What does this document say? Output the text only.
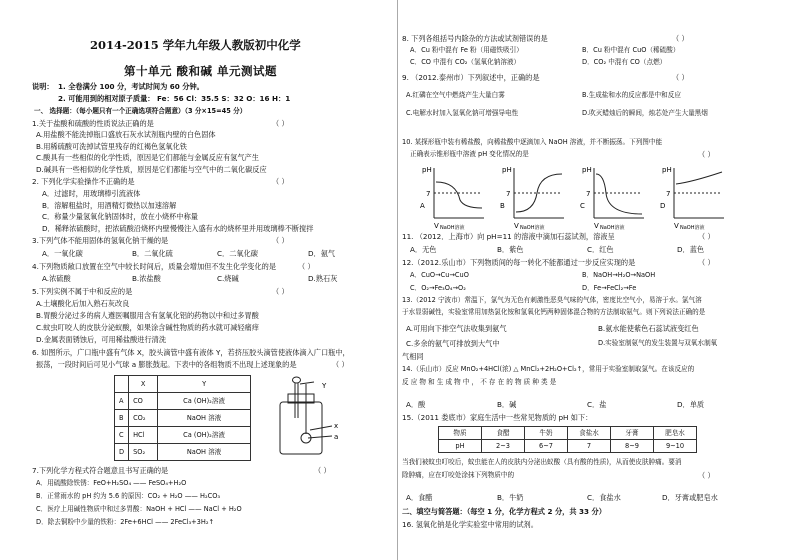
2014-2015 学年九年级人教版初中化学
第十单元 酸和碱 单元测试题
说明： 1. 全卷满分 100 分，考试时间为 60 分钟。
2. 可能用到的相对原子质量： Fe：56 Cl：35.5 S：32 O：16 H：1
一、 选择题：（每小题只有一个正确选项符合题意）（3 分×15=45 分）
1.关于盐酸和硫酸的性质说法正确的是	（ ）
A.用盐酸不能洗掉瓶口盛放石灰水试剂瓶内壁的白色固体
B.用稀硫酸可洗掉试管里残存的红褐色氢氧化铁
C.酸具有一些相似的化学性质，原因是它们都能与金属反应有氢气产生
D.碱具有一些相似的化学性质，原因是它们都能与空气中的二氧化碳反应
2. 下列化学实验操作不正确的是	（ ）
A．过滤时，用玻璃棒引流液体
B．溶解粗盐时，用酒精灯微热以加速溶解
C．称量少量氢氧化钠固体时，放在小烧杯中称量
D．稀释浓硫酸时，把浓硫酸沿烧杯内壁慢慢注入盛有水的烧杯里并用玻璃棒不断搅拌
3.下列气体不能用固体的氢氧化钠干燥的是	（ ）
A．一氧化碳	B．二氧化硫	C．二氧化碳	D．氨气
4.下列物质敞口放置在空气中较长时间后，质量会增加但不发生化学变化的是	（ ）
A.浓硫酸	B.浓盐酸	C.烧碱	D.熟石灰
5.下列实例不属于中和反应的是	（ ）
A.土壤酸化后加入熟石灰改良
B.胃酸分泌过多的病人遵医嘱服用含有氢氧化铝的药物以中和过多胃酸
C.蚊虫叮咬人的皮肤分泌蚁酸，如果涂含碱性物质的药水就可减轻痛痒
D.金属表面锈蚀后，可用稀盐酸进行清洗
6. 如图所示，广口瓶中盛有气体 X，胶头滴管中盛有液体 Y，若挤压胶头滴管使液体滴入广口瓶中，
振荡，一段时间后可见小气球 a 膨胀鼓起。下表中的各组物质不出现上述现象的是	（ ）
	X	Y
A	CO	Ca (OH)₂溶液
B	CO₂	NaOH 溶液
C	HCl	Ca (OH)₂溶液
D	SO₂	NaOH 溶液
Y
x
a
7.下列化学方程式符合题意且书写正确的是	（ ）
A．用硫酸除铁锈：FeO+H₂SO₄ —— FeSO₄+H₂O
B．正常雨水的 pH 约为 5.6 的原因：CO₂ + H₂O —— H₂CO₃
C．医疗上用碱性物质中和过多胃酸：NaOH + HCl —— NaCl + H₂O
D．除去铜粉中少量的铁粉：2Fe+6HCl —— 2FeCl₃+3H₂↑
8. 下列各组括号内除杂的方法或试剂错误的是	（ ）
A．Cu 粉中混有 Fe 粉（用磁铁吸引）	B．Cu 粉中混有 CuO（稀硫酸）
C．CO 中混有 CO₂（氢氧化钠溶液）	D．CO₂ 中混有 CO（点燃）
9. （2012.泰州市）下列叙述中，正确的是	（ ）
A.红磷在空气中燃烧产生大量白雾	B.生成盐和水的反应都是中和反应
C.电解水时加入氢氧化钠可增强导电性	D.吹灭蜡烛后的瞬间，烛芯处产生大量黑烟
10. 某探形瓶中装有稀盐酸，向稀盐酸中逐滴加入 NaOH 溶液，并不断振荡。下列图中能
正确表示锥形瓶中溶液 pH 变化情况的是	（ ）
pH
7
V NaOH溶液
A
pH
7
V NaOH溶液
B
pH
7
V NaOH溶液
C
pH
7
V NaOH溶液
D
11. （2012．上海市）向 pH=11 的溶液中滴加石蕊试剂，溶液呈	（ ）
A．无色	B．紫色	C．红色	D．蓝色
12.（2012.乐山市）下列物质间的每一转化不能都通过一步反应实现的是	（ ）
A．CuO→Cu→CuO	B．NaOH→H₂O→NaOH
C．O₂→Fe₃O₄→O₂	D．Fe→FeCl₂→Fe
13.（2012 宁波市）常温下，氯气为无色有刺激性恶臭气味的气体，密度比空气小，易溶于水。氯气溶
于水显弱碱性，实验室常用加热氯化铵和氢氧化钙两种固体混合物的方法制取氨气。则下列说法正确的是
A.可用向下排空气法收集到氨气	B.氨水能使紫色石蕊试液变红色
C.多余的氨气可排放到大气中	D.实验室制氨气的发生装置与双氧水制氧
气相同
14.（乐山市）反应 MnO₂+4HCl(浓) △ MnCl₂+2H₂O+Cl₂↑，常用于实验室制取氯气。在该反应的
反 应 物 和 生 成 物 中 ， 不 存 在 的 物 质 种 类 是
A．酸	B．碱	C．盐	D．单质
15.（2011 娄底市）家庭生活中一些常见物质的 pH 如下：
物质	食醋	牛奶	食盐水	牙膏	肥皂水
pH	2~3	6~7	7	8~9	9~10
当我们被蚊虫叮咬后，蚊虫能在人的皮肤内分泌出蚁酸（具有酸的性质)，从而使皮肤肿痛。要消
除肿痛，应在叮咬处涂抹下列物质中的	（ ）
A．食醋	B．牛奶	C．食盐水	D．牙膏或肥皂水
二、填空与简答题：（每空 1 分，化学方程式 2 分，共 33 分）
16. 氢氧化钠是化学实验室中常用的试剂。
